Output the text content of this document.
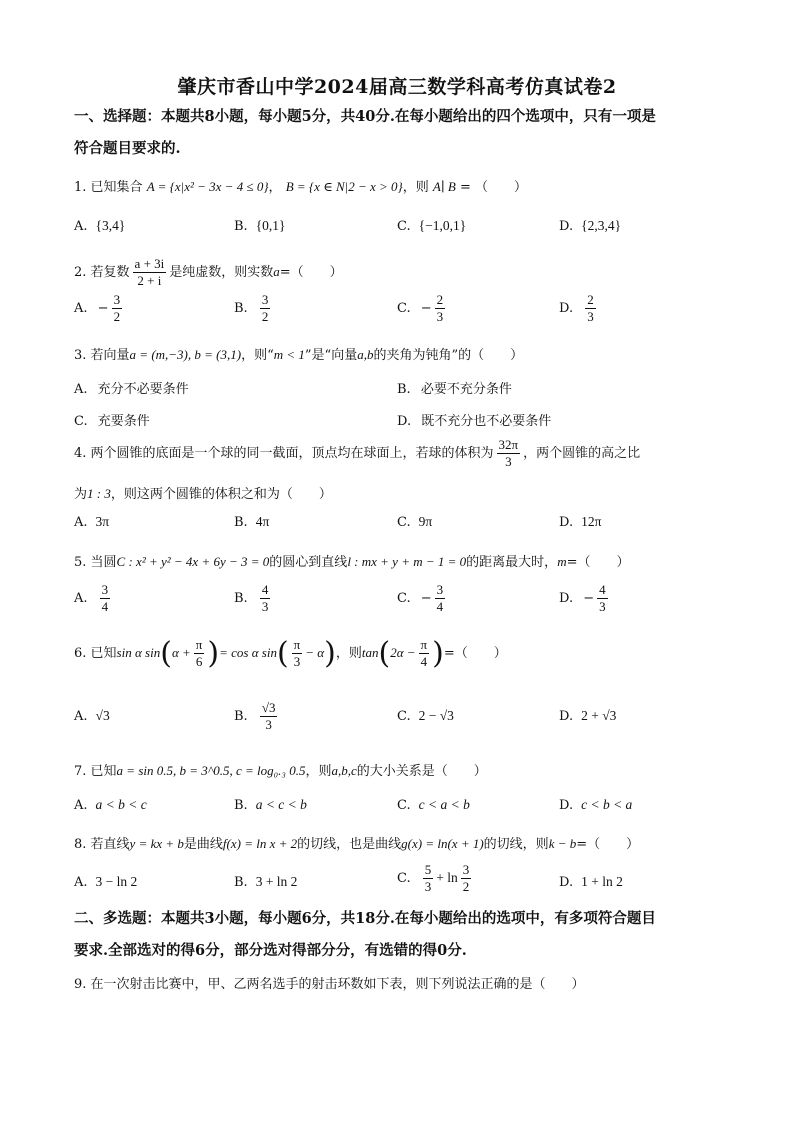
肇庆市香山中学2024届高三数学科高考仿真试卷2
一、选择题：本题共8小题，每小题5分，共40分.在每小题给出的四个选项中，只有一项是
符合题目要求的.
1. 已知集合 A = {x|x² − 3x − 4 ≤ 0}， B = {x ∈ N|2 − x > 0}，则 A∣ B = （　　）
A. {3,4}	B. {0,1}	C. {−1,0,1}	D. {2,3,4}
2. 若复数 $\frac{a + 3i}{2 + i}$ 是纯虚数，则实数a=（　　）
A. − $\frac{3}{2}$	B. $\frac{3}{2}$	C. − $\frac{2}{3}$	D. $\frac{2}{3}$
3. 若向量a = (m,−3), b = (3,1)，则“m < 1”是“向量a,b的夹角为钝角”的（　　）
A. 充分不必要条件	B. 必要不充分条件
C. 充要条件	D. 既不充分也不必要条件
4. 两个圆锥的底面是一个球的同一截面，顶点均在球面上，若球的体积为 $\frac{32\pi}{3}$ ，两个圆锥的高之比
为1 : 3，则这两个圆锥的体积之和为（　　）
A. 3π	B. 4π	C. 9π	D. 12π
5. 当圆C : x² + y² − 4x + 6y − 3 = 0的圆心到直线l : mx + y + m − 1 = 0的距离最大时，m=（　　）
A. $\frac{3}{4}$	B. $\frac{4}{3}$	C. − $\frac{3}{4}$	D. − $\frac{4}{3}$
6. 已知sin α $\sin(\alpha + \frac{\pi}{6}$ )= cos α $\sin( \frac{\pi}{3} - \alpha)$，则$\tan(2\alpha - \frac{\pi}{4}$ )=（　　）
A. √3	B. $\frac{√3}{3}$	C. 2 − √3	D. 2 + √3
7. 已知a = sin 0.5, b = 3^0.5, c = log₀.₃ 0.5，则a,b,c的大小关系是（　　）
A. a < b < c	B. a < c < b	C. c < a < b	D. c < b < a
8. 若直线y = kx + b是曲线f(x) = ln x + 2的切线，也是曲线g(x) = ln(x + 1)的切线，则k − b=（　　）
A. 3 − ln 2	B. 3 + ln 2	C. $\frac{5}{3} + \ln \frac{3}{2}$	D. 1 + ln 2
二、多选题：本题共3小题，每小题6分，共18分.在每小题给出的选项中，有多项符合题目
要求.全部选对的得6分，部分选对得部分分，有选错的得0分.
9. 在一次射击比赛中，甲、乙两名选手的射击环数如下表，则下列说法正确的是（　　）
